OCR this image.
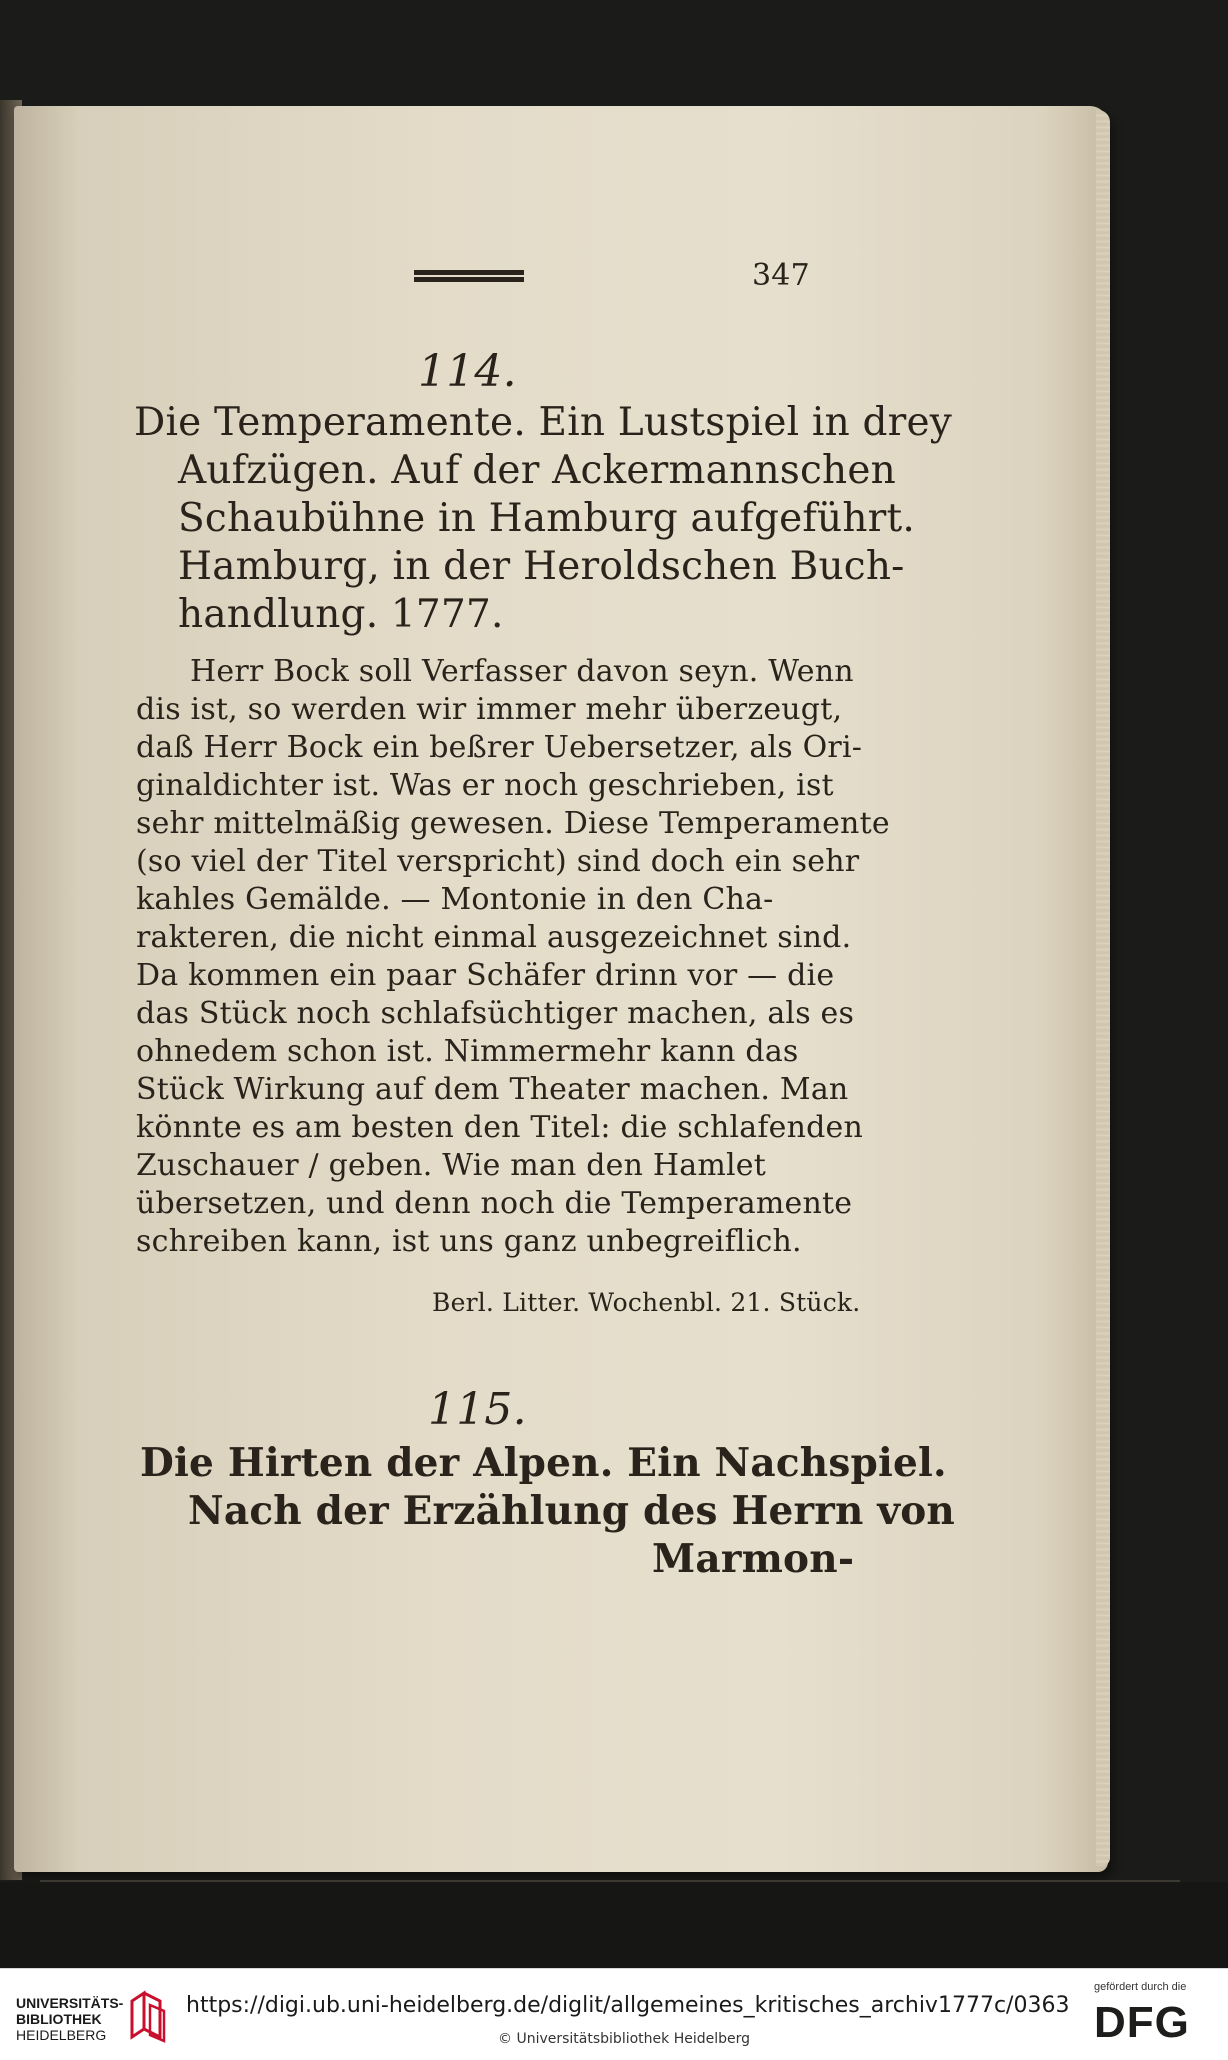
347
114.
Die Temperamente. Ein Lustspiel in drey
Aufzügen. Auf der Ackermannschen
Schaubühne in Hamburg aufgeführt.
Hamburg, in der Heroldschen Buch-
handlung. 1777.
Herr Bock soll Verfasser davon seyn. Wenn
dis ist, so werden wir immer mehr überzeugt,
daß Herr Bock ein beßrer Uebersetzer, als Ori-
ginaldichter ist. Was er noch geschrieben, ist
sehr mittelmäßig gewesen. Diese Temperamente
(so viel der Titel verspricht) sind doch ein sehr
kahles Gemälde. — Montonie in den Cha-
rakteren, die nicht einmal ausgezeichnet sind.
Da kommen ein paar Schäfer drinn vor — die
das Stück noch schlafsüchtiger machen, als es
ohnedem schon ist. Nimmermehr kann das
Stück Wirkung auf dem Theater machen. Man
könnte es am besten den Titel: die schlafenden
Zuschauer / geben. Wie man den Hamlet
übersetzen, und denn noch die Temperamente
schreiben kann, ist uns ganz unbegreiflich.
Berl. Litter. Wochenbl. 21. Stück.
115.
Die Hirten der Alpen. Ein Nachspiel.
Nach der Erzählung des Herrn von
Marmon-
UNIVERSITÄTS-
BIBLIOTHEK
HEIDELBERG
https://digi.ub.uni-heidelberg.de/diglit/allgemeines_kritisches_archiv1777c/0363
© Universitätsbibliothek Heidelberg
gefördert durch die
DFG
